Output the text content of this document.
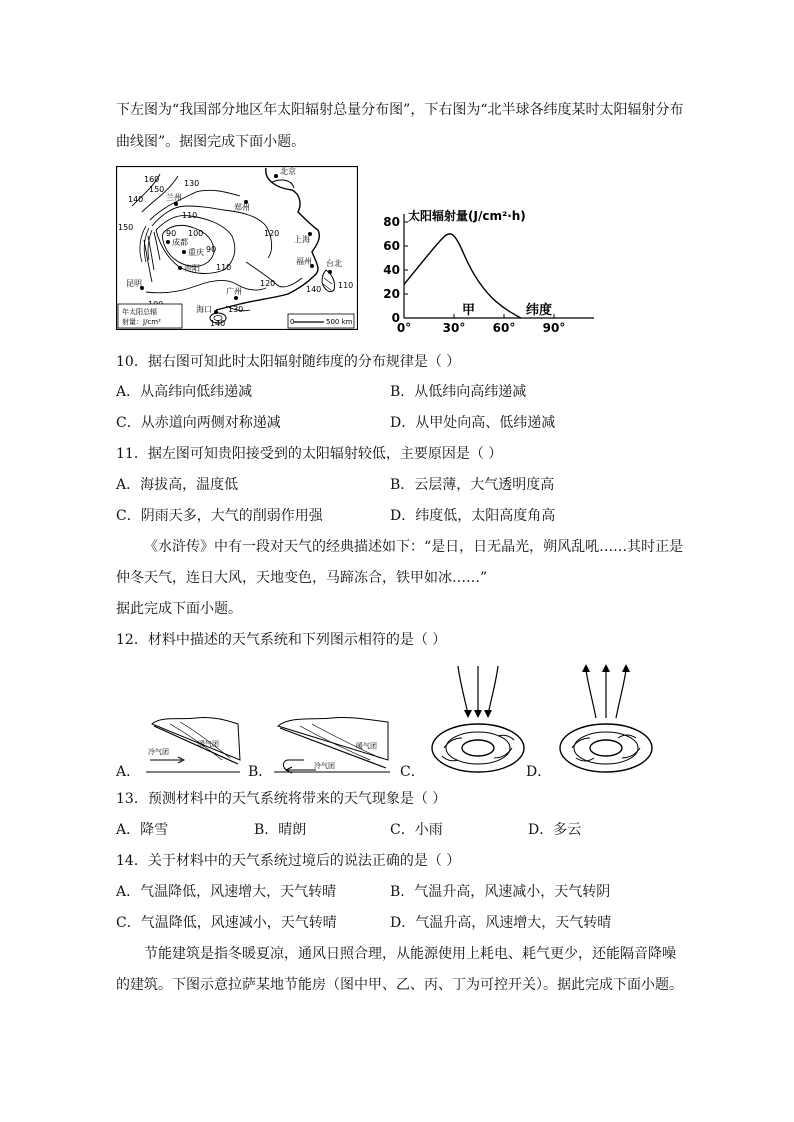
下左图为“我国部分地区年太阳辐射总量分布图”，下右图为“北半球各纬度某时太阳辐射分布
曲线图”。据图完成下面小题。
160
150
140
130
110
150
100
90
90
110
120
120
130
140
140 110
北京
郑州
兰州
成都
重庆
贵阳
上海
福州 台北
广州
昆明
海口
年太阳总辐
射量：J/cm²	0	500 km	0
20
40
60
80
0°	30° 60° 90°
太阳辐射量(J/cm²·h)
纬度
甲
10．据右图可知此时太阳辐射随纬度的分布规律是（ ）
A．从高纬向低纬递减	B．从低纬向高纬递减
C．从赤道向两侧对称递减	D．从甲处向高、低纬递减
11．据左图可知贵阳接受到的太阳辐射较低，主要原因是（ ）
A．海拔高，温度低	B．云层薄，大气透明度高
C．阴雨天多，大气的削弱作用强	D．纬度低，太阳高度角高
《水浒传》中有一段对天气的经典描述如下：“是日，日无晶光，朔风乱吼……其时正是
仲冬天气，连日大风，天地变色，马蹄冻合，铁甲如冰……”
据此完成下面小题。
12．材料中描述的天气系统和下列图示相符的是（ ）
A．
冷气团
暖气团
B．	冷气团
暖气团
C．	D．
13．预测材料中的天气系统将带来的天气现象是（ ）
A．降雪	B．晴朗	C．小雨	D．多云
14．关于材料中的天气系统过境后的说法正确的是（ ）
A．气温降低，风速增大，天气转晴	B．气温升高，风速减小，天气转阴
C．气温降低，风速减小，天气转晴	D．气温升高，风速增大，天气转晴
节能建筑是指冬暖夏凉，通风日照合理，从能源使用上耗电、耗气更少，还能隔音降噪
的建筑。下图示意拉萨某地节能房（图中甲、乙、丙、丁为可控开关）。据此完成下面小题。
